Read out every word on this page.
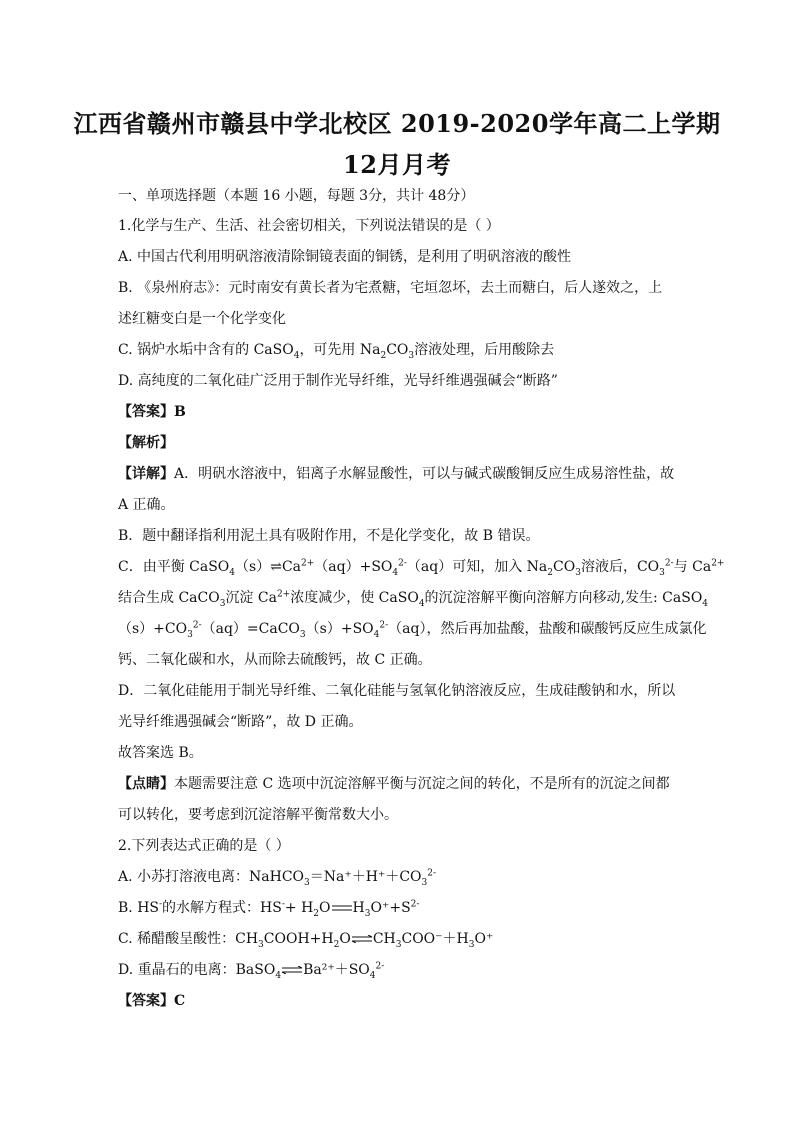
江西省赣州市赣县中学北校区 2019-2020学年高二上学期
12月月考
一、单项选择题（本题 16 小题，每题 3分，共计 48分）
1.化学与生产、生活、社会密切相关，下列说法错误的是（ ）
A. 中国古代利用明矾溶液清除铜镜表面的铜锈，是利用了明矾溶液的酸性
B. 《泉州府志》：元时南安有黄长者为宅煮糖，宅垣忽坏，去土而糖白，后人遂效之，上
述红糖变白是一个化学变化
C. 锅炉水垢中含有的 CaSO$_4$，可先用 $Na_2CO_3$溶液处理，后用酸除去
D. 高纯度的二氧化硅广泛用于制作光导纤维，光导纤维遇强碱会“断路”
【答案】B
【解析】
【详解】A．明矾水溶液中，铝离子水解显酸性，可以与碱式碳酸铜反应生成易溶性盐，故
A 正确。
B．题中翻译指利用泥土具有吸附作用，不是化学变化，故 B 错误。
C．由平衡 $CaSO_4(s)\rightleftharpoons Ca^{2+}(aq)+SO_4^{2-}(aq)$可知，加入 $Na_2CO_3$溶液后，$CO_3^{2-}$与 $Ca^{2+}$
结合生成 CaCO$_3$沉淀 $Ca^{2+}$浓度减少，使 CaSO$_4$的沉淀溶解平衡向溶解方向移动,发生: CaSO$_4$
$(s)+CO_3^{2-}(aq)=CaCO_3(s)+SO_4^{2-}(aq)$，然后再加盐酸，盐酸和碳酸钙反应生成氯化
钙、二氧化碳和水，从而除去硫酸钙，故 C 正确。
D．二氧化硅能用于制光导纤维、二氧化硅能与氢氧化钠溶液反应，生成硅酸钠和水，所以
光导纤维遇强碱会“断路”，故 D 正确。
故答案选 B。
【点睛】本题需要注意 C 选项中沉淀溶解平衡与沉淀之间的转化，不是所有的沉淀之间都
可以转化，要考虑到沉淀溶解平衡常数大小。
2.下列表达式正确的是（ ）
A. 小苏打溶液电离：$NaHCO_3=Na^++H^++CO_3^{2-}$
B. HS-的水解方程式：$HS^-+ H_2O$ $H_3O^++S^{2-}$
C. 稀醋酸呈酸性：$CH_3COOH+H_2O\rightleftharpoons CH_3COO^-+H_3O^+$
D. 重晶石的电离：BaSO$_4$ $\rightleftharpoons Ba^{2+}+SO_4^{2-}$
【答案】C
